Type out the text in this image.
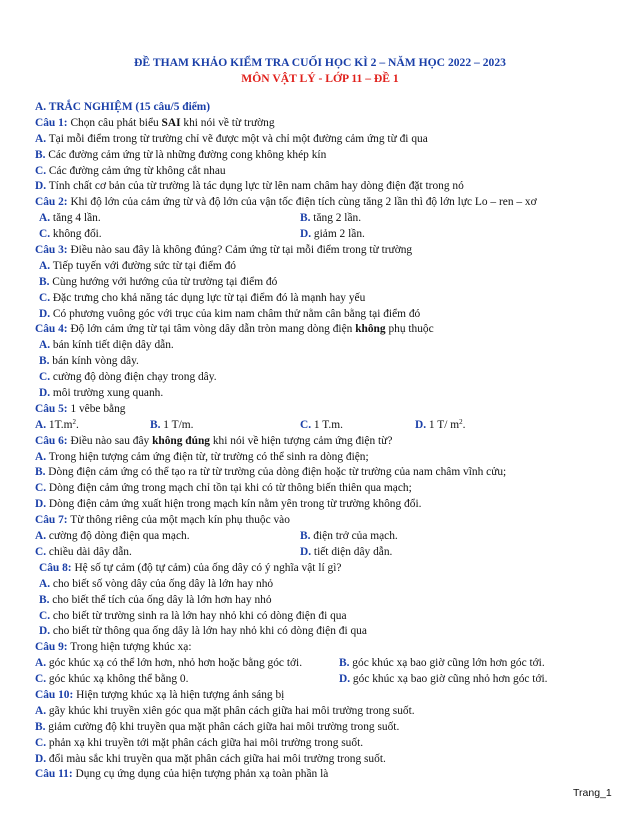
ĐỀ THAM KHẢO KIỂM TRA CUỐI HỌC KÌ 2 – NĂM HỌC 2022 – 2023
MÔN VẬT LÝ - LỚP 11 – ĐỀ 1
A. TRẮC NGHIỆM (15 câu/5 điểm)
Câu 1: Chọn câu phát biểu SAI khi nói về từ trường
A. Tại mỗi điểm trong từ trường chỉ vẽ được một và chỉ một đường cảm ứng từ đi qua
B. Các đường cảm ứng từ là những đường cong không khép kín
C. Các đường cảm ứng từ không cắt nhau
D. Tính chất cơ bản của từ trường là tác dụng lực từ lên nam châm hay dòng điện đặt trong nó
Câu 2: Khi độ lớn của cảm ứng từ và độ lớn của vận tốc điện tích cùng tăng 2 lần thì độ lớn lực Lo – ren – xơ
A. tăng 4 lần.	B. tăng 2 lần.
C. không đổi.	D. giảm 2 lần.
Câu 3: Điều nào sau đây là không đúng? Cảm ứng từ tại mỗi điểm trong từ trường
A. Tiếp tuyến với đường sức từ tại điểm đó
B. Cùng hướng với hướng của từ trường tại điểm đó
C. Đặc trưng cho khả năng tác dụng lực từ tại điểm đó là mạnh hay yếu
D. Có phương vuông góc với trục của kim nam châm thử nằm cân bằng tại điểm đó
Câu 4: Độ lớn cảm ứng từ tại tâm vòng dây dẫn tròn mang dòng điện không phụ thuộc
A. bán kính tiết diện dây dẫn.
B. bán kính vòng dây.
C. cường độ dòng điện chạy trong dây.
D. môi trường xung quanh.
Câu 5: 1 vêbe bằng
A. $1T.m^2$.	B. 1 T/m.	C. 1 T.m.	D. 1 T/ $m^2$.
Câu 6: Điều nào sau đây không đúng khi nói về hiện tượng cảm ứng điện từ?
A. Trong hiện tượng cảm ứng điện từ, từ trường có thể sinh ra dòng điện;
B. Dòng điện cảm ứng có thể tạo ra từ từ trường của dòng điện hoặc từ trường của nam châm vĩnh cửu;
C. Dòng điện cảm ứng trong mạch chỉ tồn tại khi có từ thông biến thiên qua mạch;
D. Dòng điện cảm ứng xuất hiện trong mạch kín nằm yên trong từ trường không đổi.
Câu 7: Từ thông riêng của một mạch kín phụ thuộc vào
A. cường độ dòng điện qua mạch.	B. điện trở của mạch.
C. chiều dài dây dẫn.	D. tiết diện dây dẫn.
Câu 8: Hệ số tự cảm (độ tự cảm) của ống dây có ý nghĩa vật lí gì?
A. cho biết số vòng dây của ống dây là lớn hay nhỏ
B. cho biết thể tích của ống dây là lớn hơn hay nhỏ
C. cho biết từ trường sinh ra là lớn hay nhỏ khi có dòng điện đi qua
D. cho biết từ thông qua ống dây là lớn hay nhỏ khi có dòng điện đi qua
Câu 9: Trong hiện tượng khúc xạ:
A. góc khúc xạ có thể lớn hơn, nhỏ hơn hoặc bằng góc tới.	B. góc khúc xạ bao giờ cũng lớn hơn góc tới.
C. góc khúc xạ không thể bằng 0.	D. góc khúc xạ bao giờ cũng nhỏ hơn góc tới.
Câu 10: Hiện tượng khúc xạ là hiện tượng ánh sáng bị
A. gãy khúc khi truyền xiên góc qua mặt phân cách giữa hai môi trường trong suốt.
B. giảm cường độ khi truyền qua mặt phân cách giữa hai môi trường trong suốt.
C. phản xạ khi truyền tới mặt phân cách giữa hai môi trường trong suốt.
D. đổi màu sắc khi truyền qua mặt phân cách giữa hai môi trường trong suốt.
Câu 11: Dụng cụ ứng dụng của hiện tượng phản xạ toàn phần là
Trang_1
